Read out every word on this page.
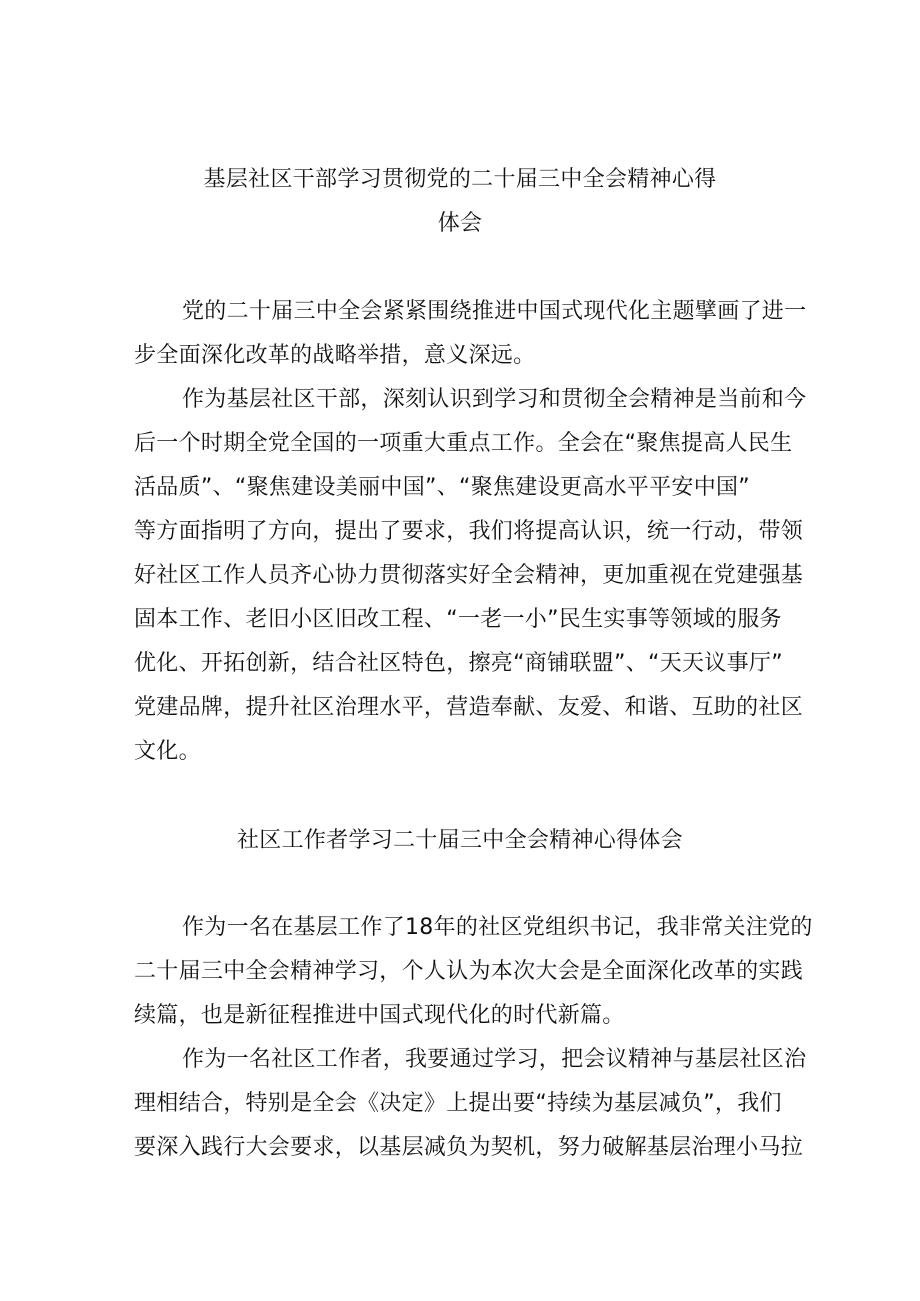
基层社区干部学习贯彻党的二十届三中全会精神心得
体会
党的二十届三中全会紧紧围绕推进中国式现代化主题擘画了进一
步全面深化改革的战略举措，意义深远。
作为基层社区干部，深刻认识到学习和贯彻全会精神是当前和今
后一个时期全党全国的一项重大重点工作。全会在“聚焦提高人民生
活品质”、“聚焦建设美丽中国”、“聚焦建设更高水平平安中国”
等方面指明了方向，提出了要求，我们将提高认识，统一行动，带领
好社区工作人员齐心协力贯彻落实好全会精神，更加重视在党建强基
固本工作、老旧小区旧改工程、“一老一小”民生实事等领域的服务
优化、开拓创新，结合社区特色，擦亮“商铺联盟”、“天天议事厅”
党建品牌，提升社区治理水平，营造奉献、友爱、和谐、互助的社区
文化。
社区工作者学习二十届三中全会精神心得体会
作为一名在基层工作了18年的社区党组织书记，我非常关注党的
二十届三中全会精神学习，个人认为本次大会是全面深化改革的实践
续篇，也是新征程推进中国式现代化的时代新篇。
作为一名社区工作者，我要通过学习，把会议精神与基层社区治
理相结合，特别是全会《决定》上提出要“持续为基层减负”，我们
要深入践行大会要求，以基层减负为契机，努力破解基层治理小马拉
